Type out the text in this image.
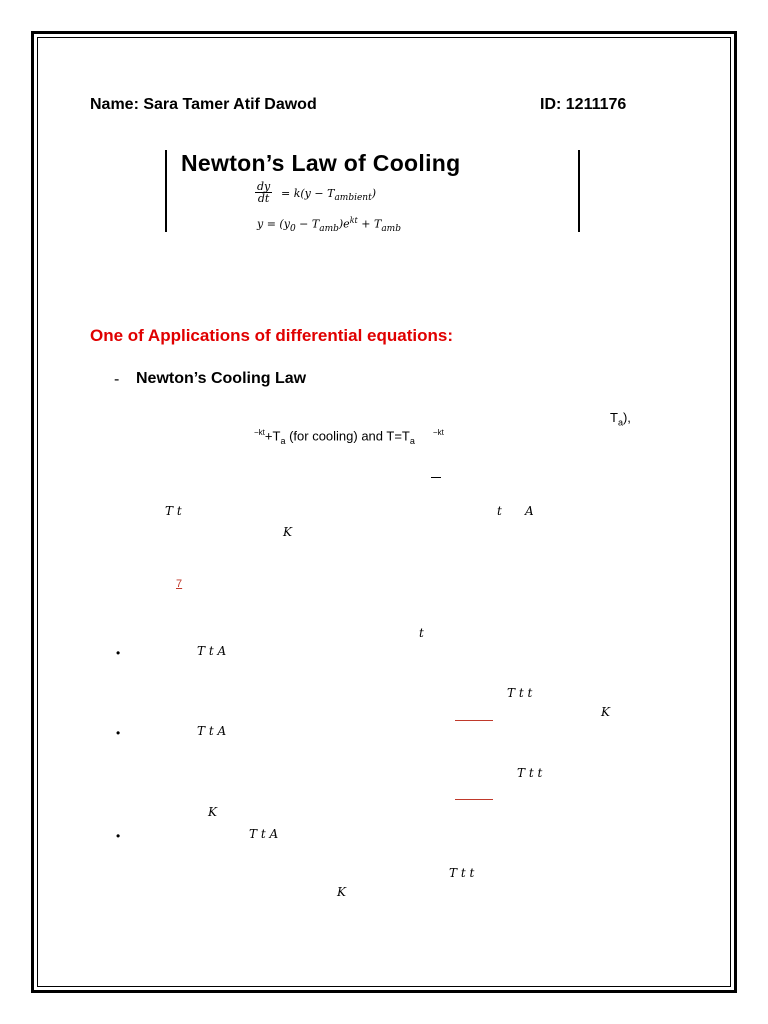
Name: Sara Tamer Atif Dawod	ID: 1211176
Newton’s Law of Cooling
$\frac{dy}{dt} = k(y - T_{ambient})$
$y = (y_0 - T_{amb})e^{kt} + T_{amb}$
One of Applications of differential equations:
- Newton’s Cooling Law
$T_a$),
$^{-kt}+T_a$ (for cooling) and $T=T_a^{-kt}$
T t	t A
K
7
t
•	T t A
T t t
K
•	T t A
T t t
K
•	T t A
T t t
K
